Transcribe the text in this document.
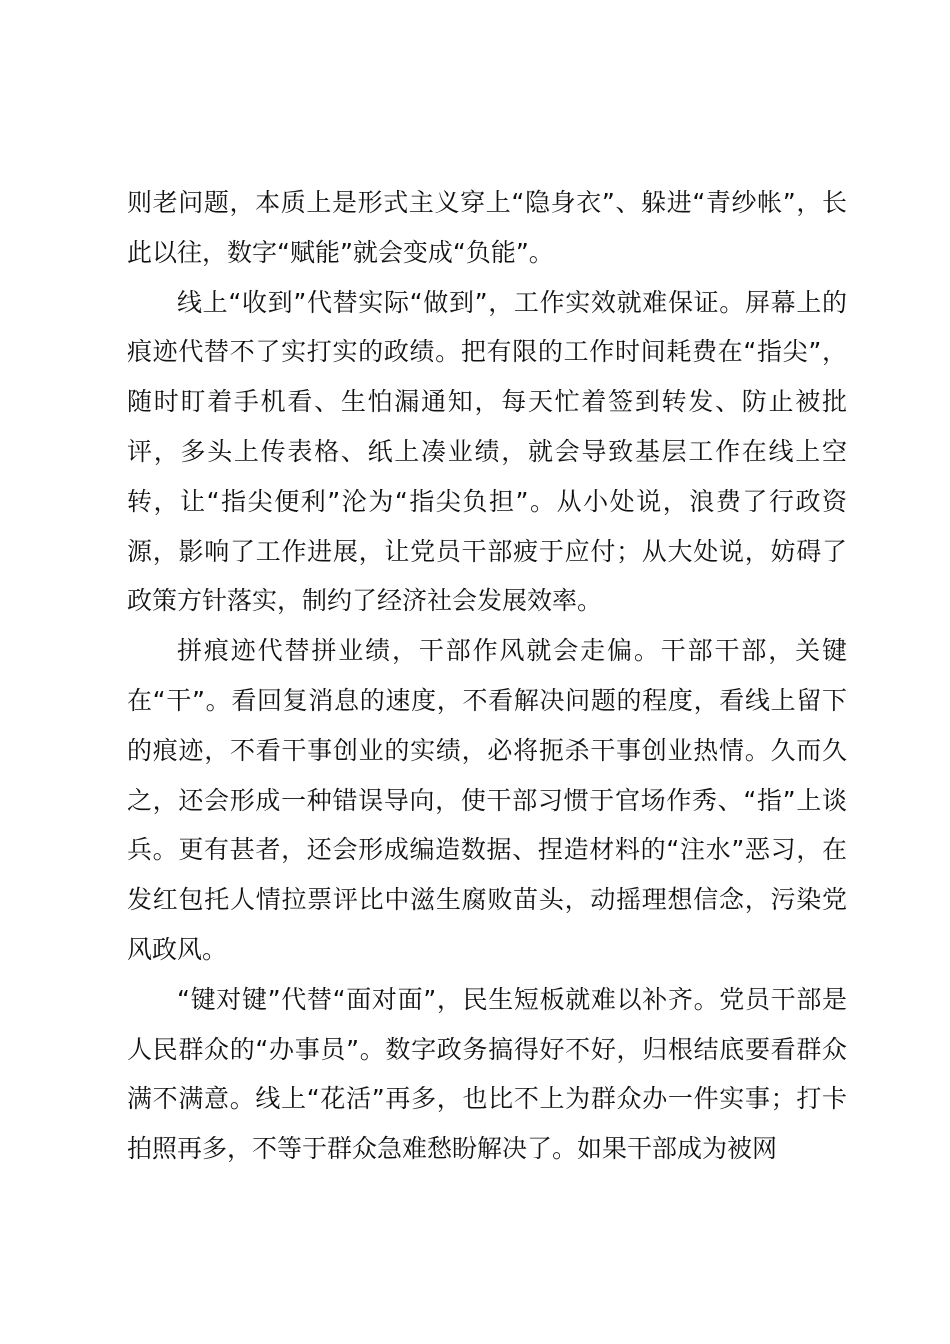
则老问题，本质上是形式主义穿上“隐身衣”、躲进“青纱帐”，长此以往，数字“赋能”就会变成“负能”。

线上“收到”代替实际“做到”，工作实效就难保证。屏幕上的痕迹代替不了实打实的政绩。把有限的工作时间耗费在“指尖”，随时盯着手机看、生怕漏通知，每天忙着签到转发、防止被批评，多头上传表格、纸上凑业绩，就会导致基层工作在线上空转，让“指尖便利”沦为“指尖负担”。从小处说，浪费了行政资源，影响了工作进展，让党员干部疲于应付；从大处说，妨碍了政策方针落实，制约了经济社会发展效率。

拼痕迹代替拼业绩，干部作风就会走偏。干部干部，关键在“干”。看回复消息的速度，不看解决问题的程度，看线上留下的痕迹，不看干事创业的实绩，必将扼杀干事创业热情。久而久之，还会形成一种错误导向，使干部习惯于官场作秀、“指”上谈兵。更有甚者，还会形成编造数据、捏造材料的“注水”恶习，在发红包托人情拉票评比中滋生腐败苗头，动摇理想信念，污染党风政风。

“键对键”代替“面对面”，民生短板就难以补齐。党员干部是人民群众的“办事员”。数字政务搞得好不好，归根结底要看群众满不满意。线上“花活”再多，也比不上为群众办一件实事；打卡拍照再多，不等于群众急难愁盼解决了。如果干部成为被网
